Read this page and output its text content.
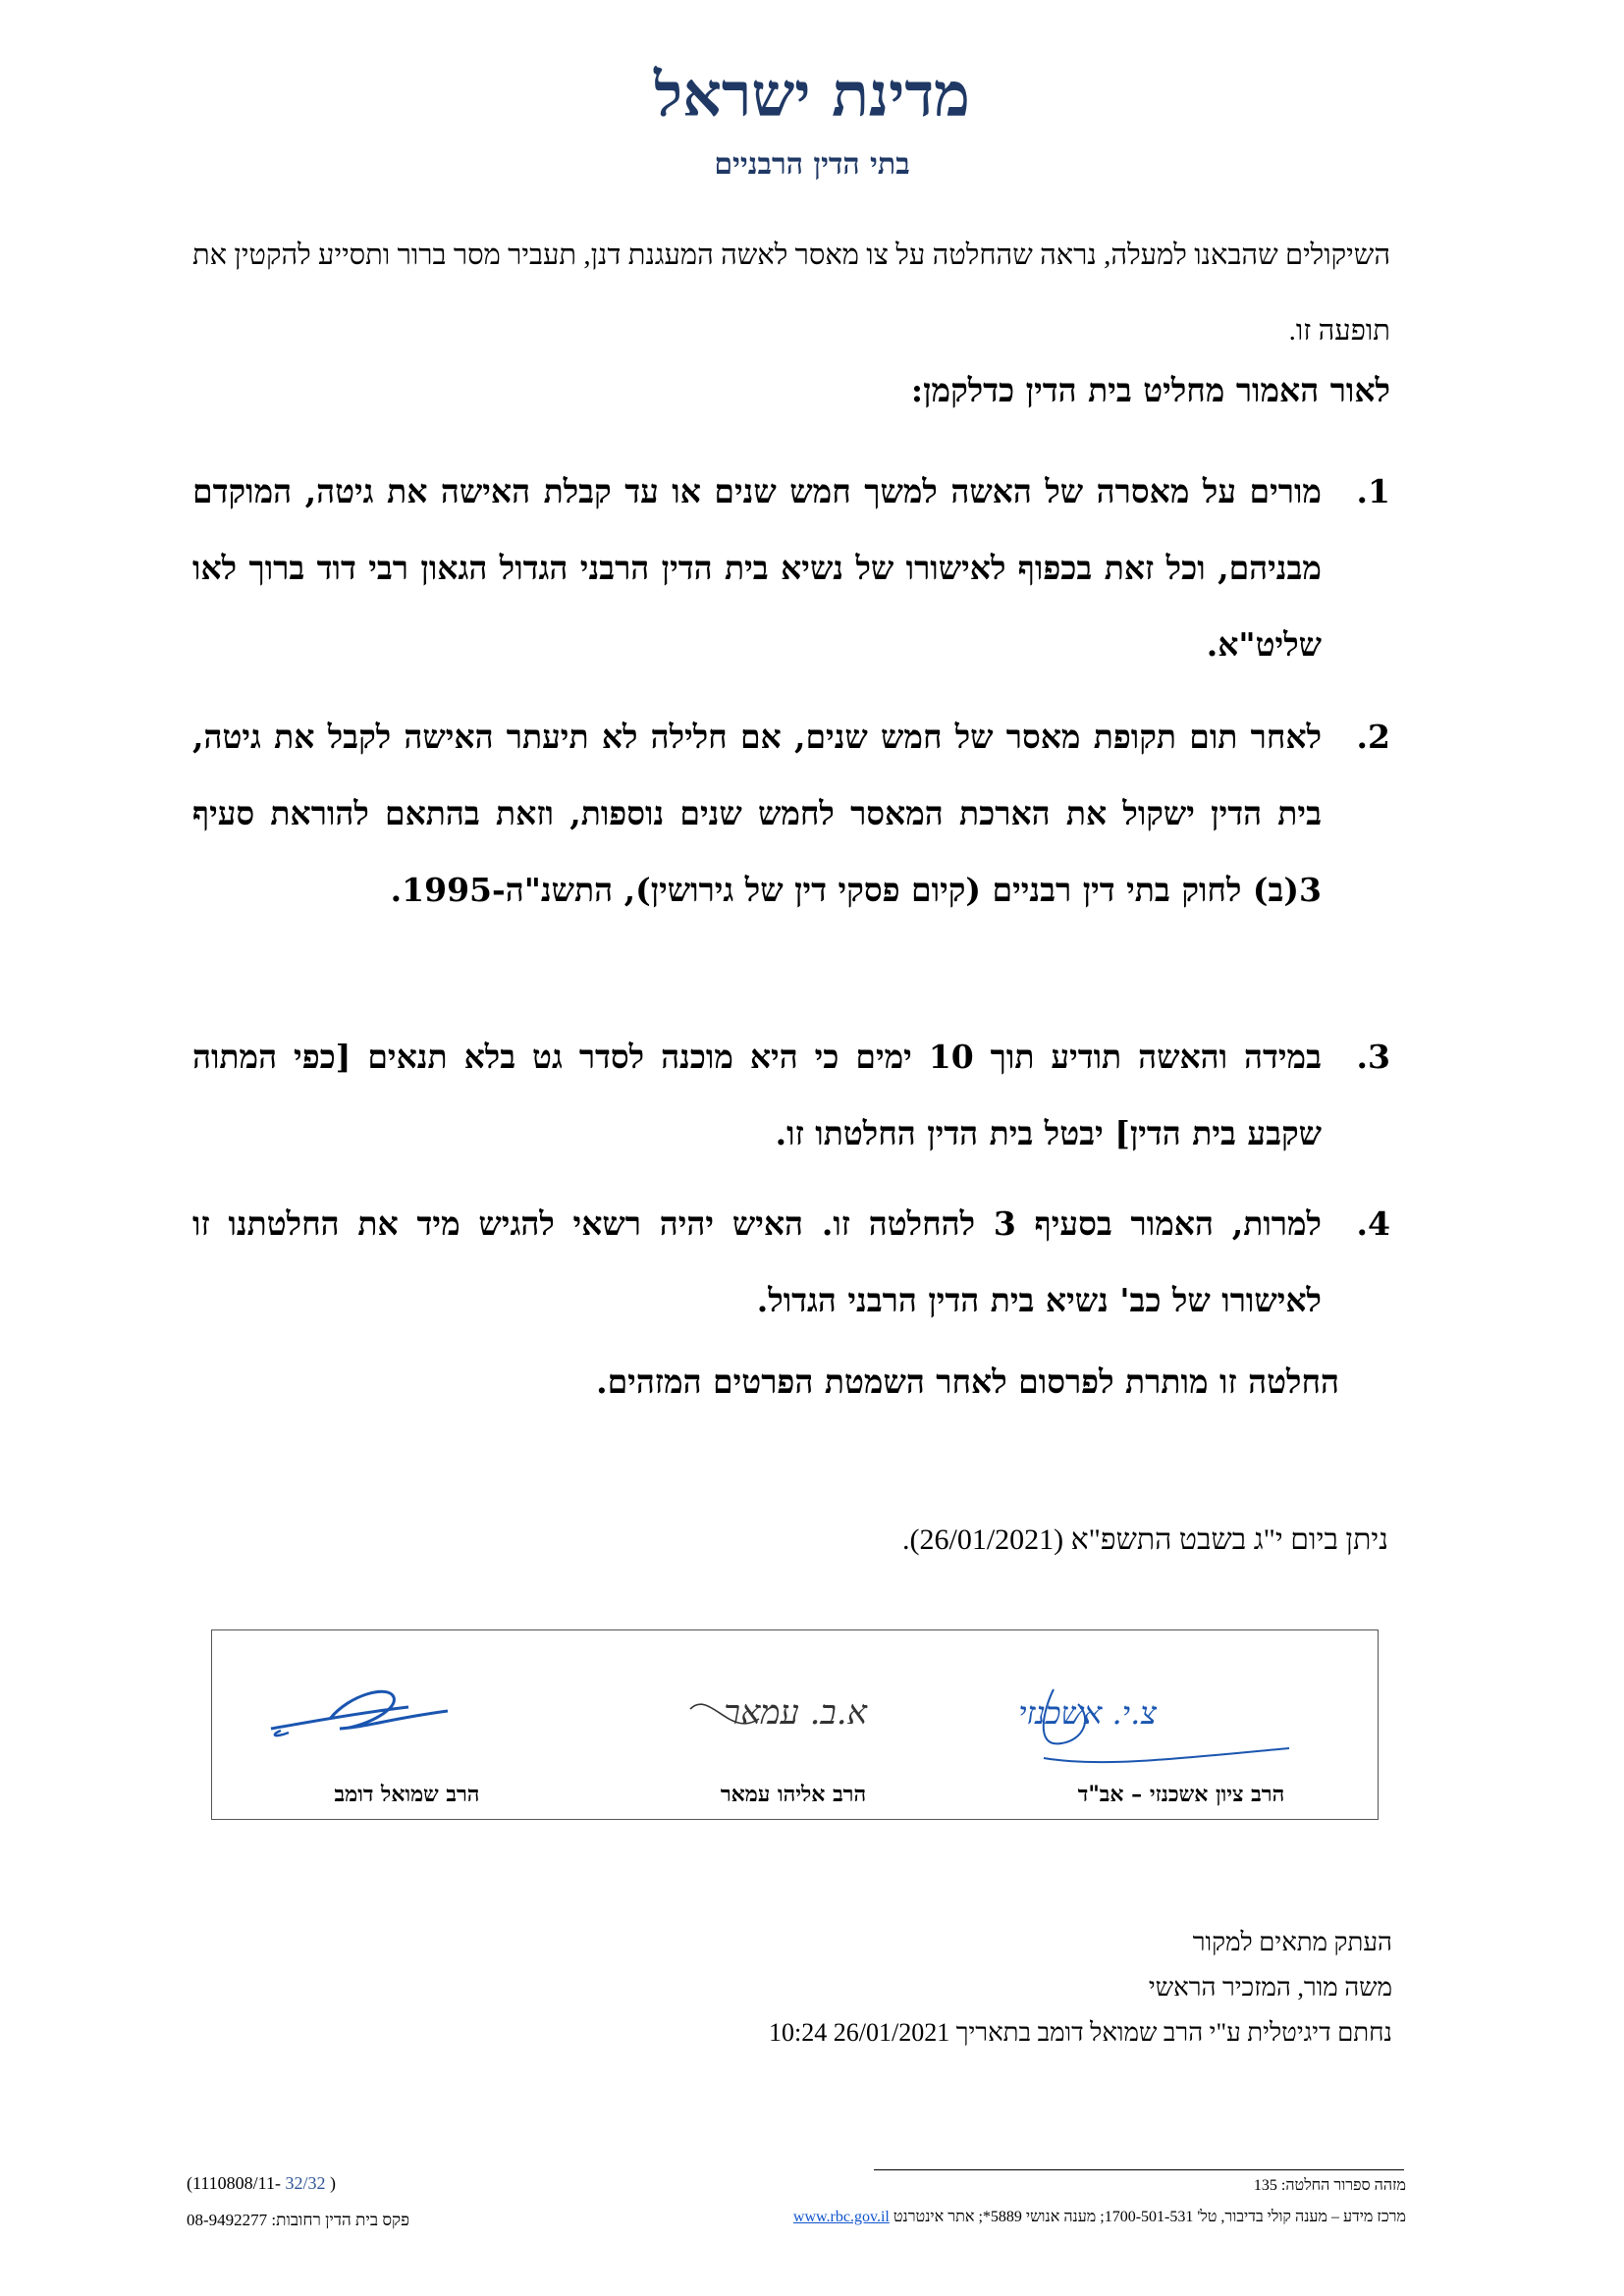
מדינת ישראל
בתי הדין הרבניים
השיקולים שהבאנו למעלה, נראה שהחלטה על צו מאסר לאשה המעגנת דנן, תעביר מסר ברור ותסייע להקטין את תופעה זו.
לאור האמור מחליט בית הדין כדלקמן:
1.
מורים על מאסרה של האשה למשך חמש שנים או עד קבלת האישה את גיטה, המוקדם מבניהם, וכל זאת בכפוף לאישורו של נשיא בית הדין הרבני הגדול הגאון רבי דוד ברוך לאו שליט"א.
2.
לאחר תום תקופת מאסר של חמש שנים, אם חלילה לא תיעתר האישה לקבל את גיטה, בית הדין ישקול את הארכת המאסר לחמש שנים נוספות, וזאת בהתאם להוראת סעיף 3(ב) לחוק בתי דין רבניים (קיום פסקי דין של גירושין), התשנ"ה-1995.
3.
במידה והאשה תודיע תוך 10 ימים כי היא מוכנה לסדר גט בלא תנאים [כפי המתוה שקבע בית הדין] יבטל בית הדין החלטתו זו.
4.
למרות, האמור בסעיף 3 להחלטה זו. האיש יהיה רשאי להגיש מיד את החלטתנו זו לאישורו של כב' נשיא בית הדין הרבני הגדול.
החלטה זו מותרת לפרסום לאחר השמטת הפרטים המזהים.
ניתן ביום י"ג בשבט התשפ"א (26/01/2021).
צ.י. אשכנזי
הרב ציון אשכנזי – אב"ד
א.ב. עמאר
הרב אליהו עמאר
הרב שמואל דומב
העתק מתאים למקור
משה מור, המזכיר הראשי
נחתם דיגיטלית ע"י הרב שמואל דומב בתאריך 26/01/2021 10:24
מזהה ספרור החלטה: 135
מרכז מידע – מענה קולי בדיבור, טל' 1700-501-531; מענה אנושי 5889*; אתר אינטרנט www.rbc.gov.il
(1110808/11- 32/32 )
פקס בית הדין רחובות: 08-9492277
